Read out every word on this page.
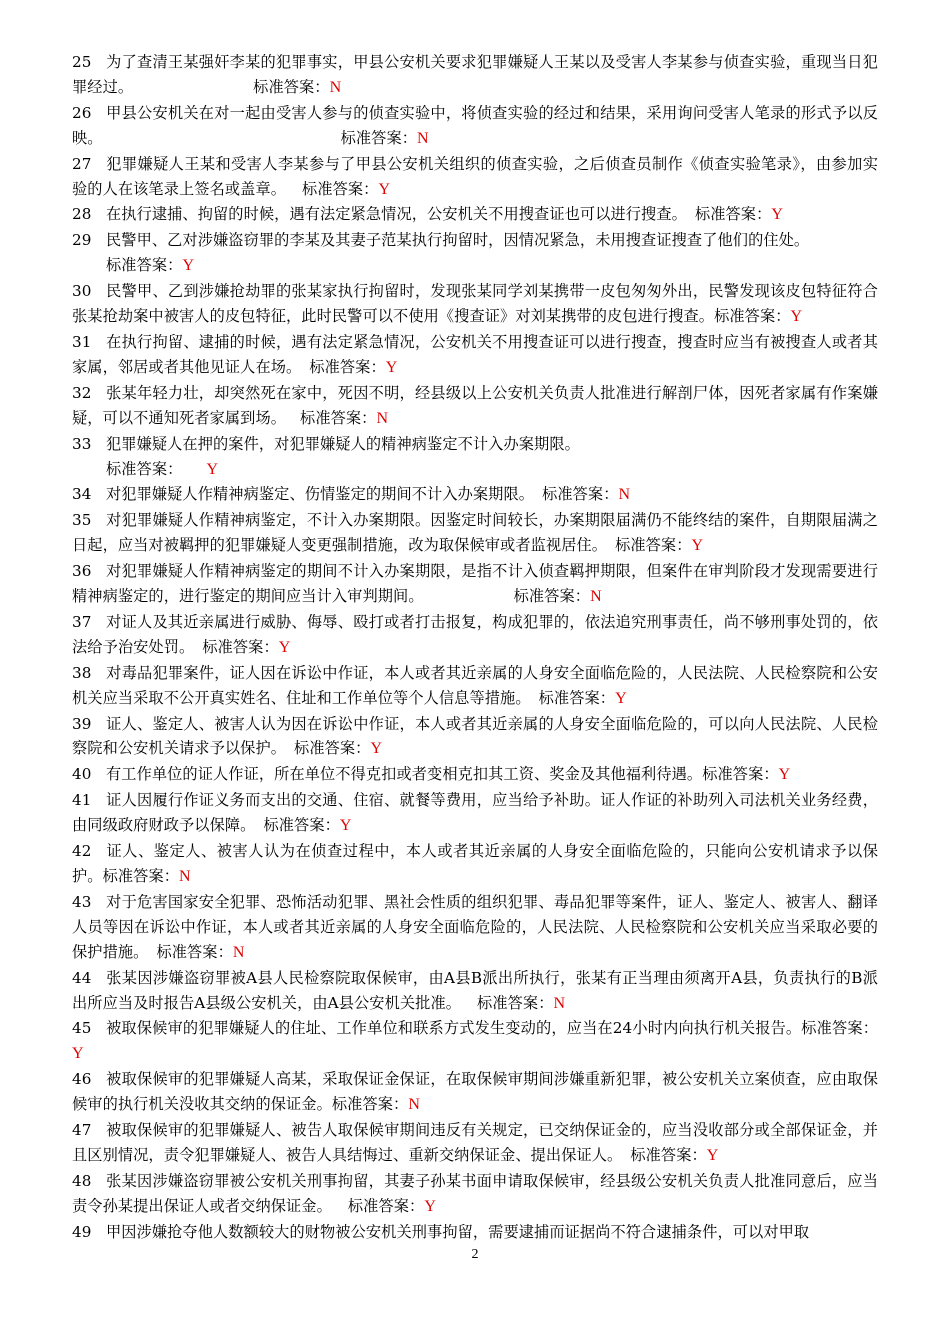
25 为了查清王某强奸李某的犯罪事实，甲县公安机关要求犯罪嫌疑人王某以及受害人李某参与侦查实验，重现当日犯罪经过。	标准答案：N

26 甲县公安机关在对一起由受害人参与的侦查实验中，将侦查实验的经过和结果，采用询问受害人笔录的形式予以反映。	标准答案：N

27 犯罪嫌疑人王某和受害人李某参与了甲县公安机关组织的侦查实验，之后侦查员制作《侦查实验笔录》，由参加实验的人在该笔录上签名或盖章。 标准答案：Y

28 在执行逮捕、拘留的时候，遇有法定紧急情况，公安机关不用搜查证也可以进行搜查。 标准答案：Y

29 民警甲、乙对涉嫌盗窃罪的李某及其妻子范某执行拘留时，因情况紧急，未用搜查证搜查了他们的住处。
标准答案：Y

30 民警甲、乙到涉嫌抢劫罪的张某家执行拘留时，发现张某同学刘某携带一皮包匆匆外出，民警发现该皮包特征符合张某抢劫案中被害人的皮包特征，此时民警可以不使用《搜查证》对刘某携带的皮包进行搜查。标准答案：Y

31 在执行拘留、逮捕的时候，遇有法定紧急情况，公安机关不用搜查证可以进行搜查，搜查时应当有被搜查人或者其家属，邻居或者其他见证人在场。 标准答案：Y

32 张某年轻力壮，却突然死在家中，死因不明，经县级以上公安机关负责人批准进行解剖尸体，因死者家属有作案嫌疑，可以不通知死者家属到场。 标准答案：N

33 犯罪嫌疑人在押的案件，对犯罪嫌疑人的精神病鉴定不计入办案期限。
标准答案： Y

34 对犯罪嫌疑人作精神病鉴定、伤情鉴定的期间不计入办案期限。 标准答案：N

35 对犯罪嫌疑人作精神病鉴定，不计入办案期限。因鉴定时间较长，办案期限届满仍不能终结的案件，自期限届满之日起，应当对被羁押的犯罪嫌疑人变更强制措施，改为取保候审或者监视居住。 标准答案：Y

36 对犯罪嫌疑人作精神病鉴定的期间不计入办案期限，是指不计入侦查羁押期限，但案件在审判阶段才发现需要进行精神病鉴定的，进行鉴定的期间应当计入审判期间。	标准答案：N

37 对证人及其近亲属进行威胁、侮辱、殴打或者打击报复，构成犯罪的，依法追究刑事责任，尚不够刑事处罚的，依法给予治安处罚。 标准答案：Y

38 对毒品犯罪案件，证人因在诉讼中作证，本人或者其近亲属的人身安全面临危险的，人民法院、人民检察院和公安机关应当采取不公开真实姓名、住址和工作单位等个人信息等措施。 标准答案：Y

39 证人、鉴定人、被害人认为因在诉讼中作证，本人或者其近亲属的人身安全面临危险的，可以向人民法院、人民检察院和公安机关请求予以保护。 标准答案：Y

40 有工作单位的证人作证，所在单位不得克扣或者变相克扣其工资、奖金及其他福利待遇。标准答案：Y

41 证人因履行作证义务而支出的交通、住宿、就餐等费用，应当给予补助。证人作证的补助列入司法机关业务经费，由同级政府财政予以保障。 标准答案：Y

42 证人、鉴定人、被害人认为在侦查过程中，本人或者其近亲属的人身安全面临危险的，只能向公安机请求予以保护。标准答案：N

43 对于危害国家安全犯罪、恐怖活动犯罪、黑社会性质的组织犯罪、毒品犯罪等案件，证人、鉴定人、被害人、翻译人员等因在诉讼中作证，本人或者其近亲属的人身安全面临危险的，人民法院、人民检察院和公安机关应当采取必要的保护措施。 标准答案：N

44 张某因涉嫌盗窃罪被A县人民检察院取保候审，由A县B派出所执行，张某有正当理由须离开A县，负责执行的B派出所应当及时报告A县级公安机关，由A县公安机关批准。 标准答案：N

45 被取保候审的犯罪嫌疑人的住址、工作单位和联系方式发生变动的，应当在24小时内向执行机关报告。标准答案：Y

46 被取保候审的犯罪嫌疑人高某，采取保证金保证，在取保候审期间涉嫌重新犯罪，被公安机关立案侦查，应由取保候审的执行机关没收其交纳的保证金。标准答案：N

47 被取保候审的犯罪嫌疑人、被告人取保候审期间违反有关规定，已交纳保证金的，应当没收部分或全部保证金，并且区别情况，责令犯罪嫌疑人、被告人具结悔过、重新交纳保证金、提出保证人。 标准答案：Y

48 张某因涉嫌盗窃罪被公安机关刑事拘留，其妻子孙某书面申请取保候审，经县级公安机关负责人批准同意后，应当责令孙某提出保证人或者交纳保证金。 标准答案：Y

49 甲因涉嫌抢夺他人数额较大的财物被公安机关刑事拘留，需要逮捕而证据尚不符合逮捕条件，可以对甲取

2
